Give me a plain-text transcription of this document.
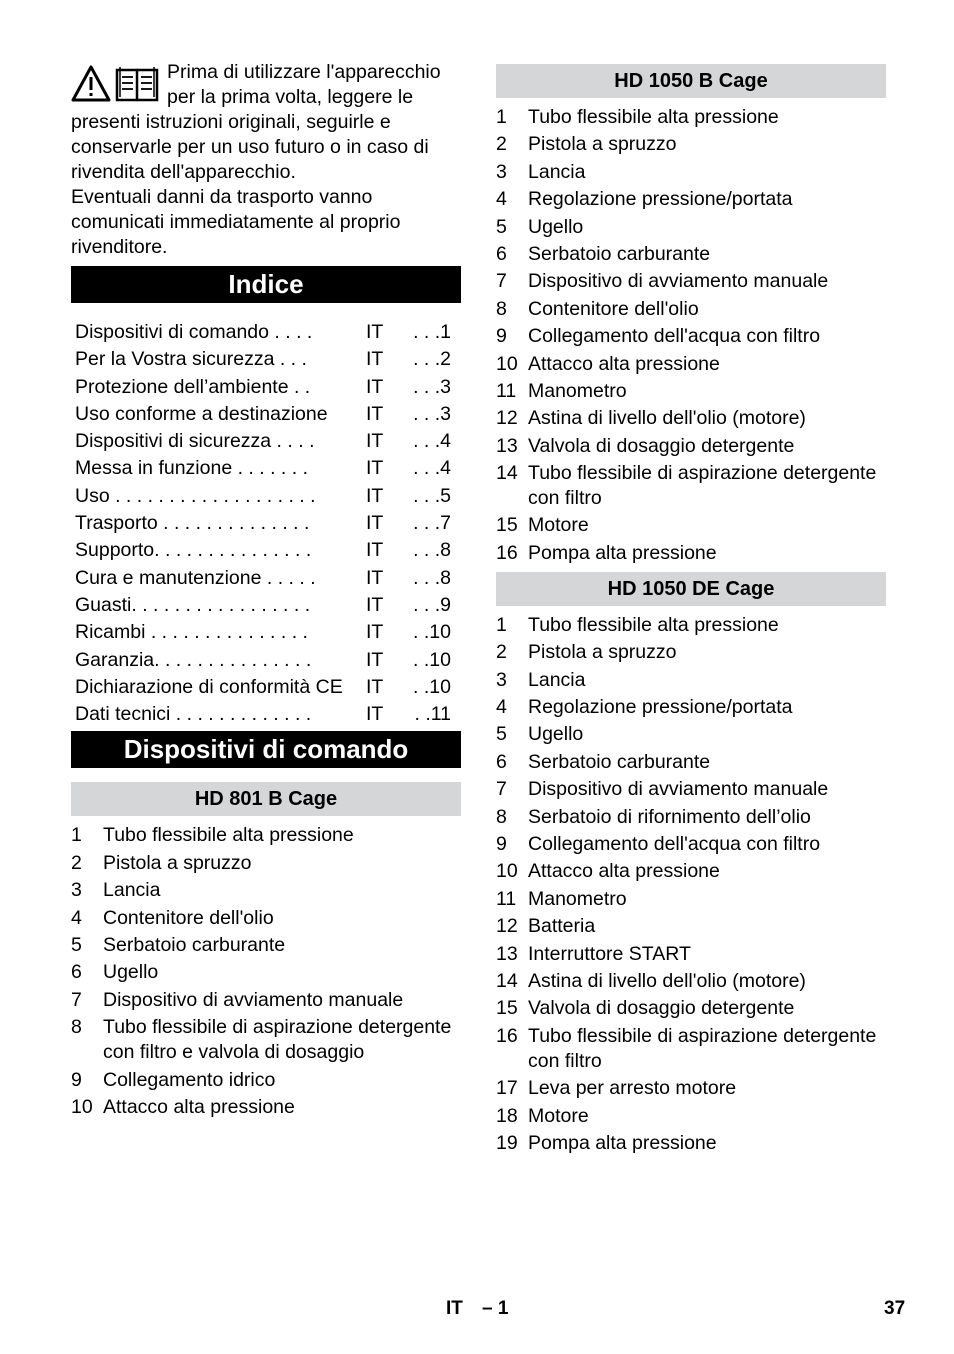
Prima di utilizzare l'apparecchio per la prima volta, leggere le presenti istruzioni originali, seguirle e conservarle per un uso futuro o in caso di rivendita dell'apparecchio.

Eventuali danni da trasporto vanno comunicati immediatamente al proprio rivenditore.

Indice
Dispositivi di comando . . . .	IT . . .1
Per la Vostra sicurezza . . .	IT . . .2
Protezione dell’ambiente . .	IT . . .3
Uso conforme a destinazione IT . . .3
Dispositivi di sicurezza . . . .	IT . . .4
Messa in funzione . . . . . . .	IT . . .4
Uso . . . . . . . . . . . . . . . . . . .	IT . . .5
Trasporto . . . . . . . . . . . . . .	IT . . .7
Supporto. . . . . . . . . . . . . . .	IT . . .8
Cura e manutenzione . . . . .	IT . . .8
Guasti. . . . . . . . . . . . . . . . .	IT . . .9
Ricambi . . . . . . . . . . . . . . .	IT . .10
Garanzia. . . . . . . . . . . . . . .	IT . .10
Dichiarazione di conformità CE IT . .10
Dati tecnici . . . . . . . . . . . . .	IT . .11
Dispositivi di comando
HD 801 B Cage
1 Tubo flessibile alta pressione
2 Pistola a spruzzo
3 Lancia
4 Contenitore dell'olio
5 Serbatoio carburante
6 Ugello
7 Dispositivo di avviamento manuale
8 Tubo flessibile di aspirazione detergente con filtro e valvola di dosaggio
9 Collegamento idrico
10 Attacco alta pressione
HD 1050 B Cage
1 Tubo flessibile alta pressione
2 Pistola a spruzzo
3 Lancia
4 Regolazione pressione/portata
5 Ugello
6 Serbatoio carburante
7 Dispositivo di avviamento manuale
8 Contenitore dell'olio
9 Collegamento dell'acqua con filtro
10 Attacco alta pressione
11 Manometro
12 Astina di livello dell'olio (motore)
13 Valvola di dosaggio detergente
14 Tubo flessibile di aspirazione detergente con filtro
15 Motore
16 Pompa alta pressione
HD 1050 DE Cage
1 Tubo flessibile alta pressione
2 Pistola a spruzzo
3 Lancia
4 Regolazione pressione/portata
5 Ugello
6 Serbatoio carburante
7 Dispositivo di avviamento manuale
8 Serbatoio di rifornimento dell’olio
9 Collegamento dell'acqua con filtro
10 Attacco alta pressione
11 Manometro
12 Batteria
13 Interruttore START
14 Astina di livello dell'olio (motore)
15 Valvola di dosaggio detergente
16 Tubo flessibile di aspirazione detergente con filtro
17 Leva per arresto motore
18 Motore
19 Pompa alta pressione
IT – 1	37
